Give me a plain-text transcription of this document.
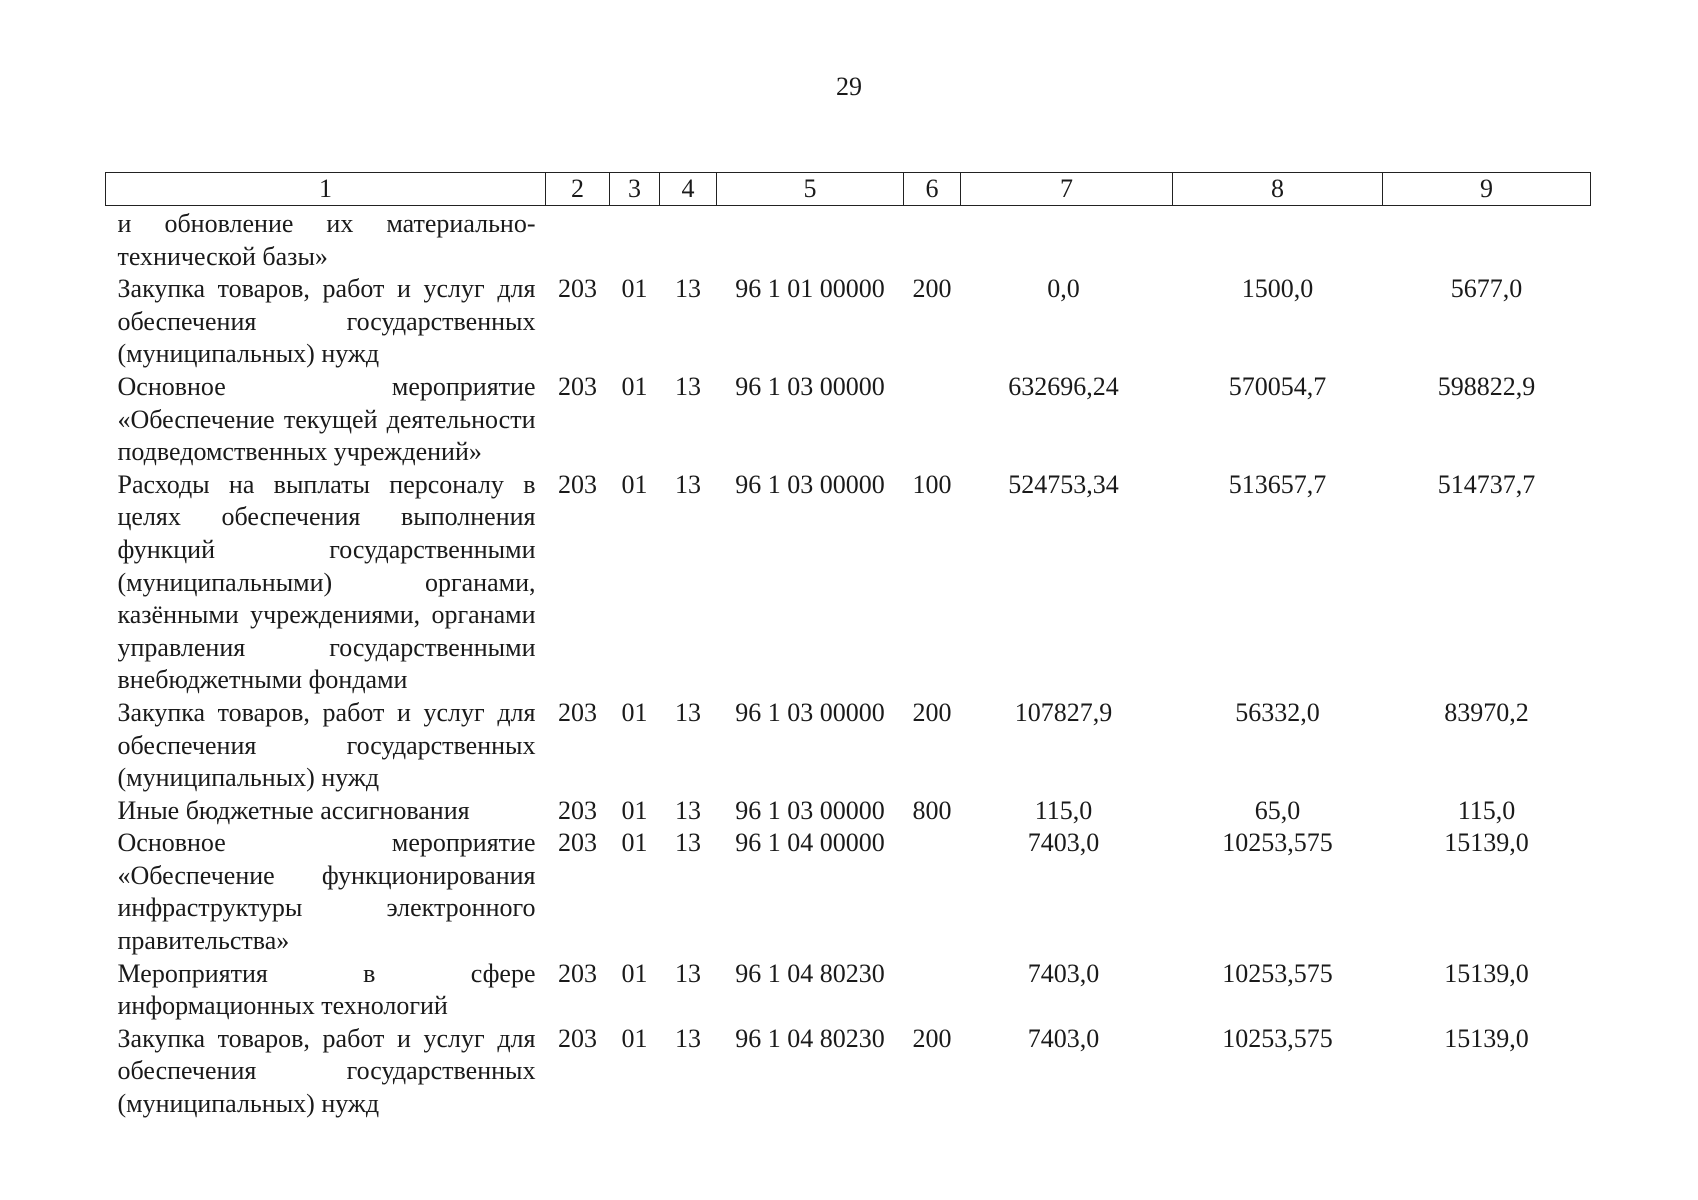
29
1	2	3	4	5	6	7	8	9
и обновление их материально-технической базы»								
Закупка товаров, работ и услуг для обеспечения государственных (муниципальных) нужд	203	01	13	96 1 01 00000	200	0,0	1500,0	5677,0
Основное мероприятие «Обеспечение текущей деятельности подведомственных учреждений»	203	01	13	96 1 03 00000		632696,24	570054,7	598822,9
Расходы на выплаты персоналу в целях обеспечения выполнения функций государственными (муниципальными) органами, казёнными учреждениями, органами управления государственными внебюджетными фондами	203	01	13	96 1 03 00000	100	524753,34	513657,7	514737,7
Закупка товаров, работ и услуг для обеспечения государственных (муниципальных) нужд	203	01	13	96 1 03 00000	200	107827,9	56332,0	83970,2
Иные бюджетные ассигнования	203	01	13	96 1 03 00000	800	115,0	65,0	115,0
Основное мероприятие «Обеспечение функционирования инфраструктуры электронного правительства»	203	01	13	96 1 04 00000		7403,0	10253,575	15139,0
Мероприятия в сфере информационных технологий	203	01	13	96 1 04 80230		7403,0	10253,575	15139,0
Закупка товаров, работ и услуг для обеспечения государственных (муниципальных) нужд	203	01	13	96 1 04 80230	200	7403,0	10253,575	15139,0
